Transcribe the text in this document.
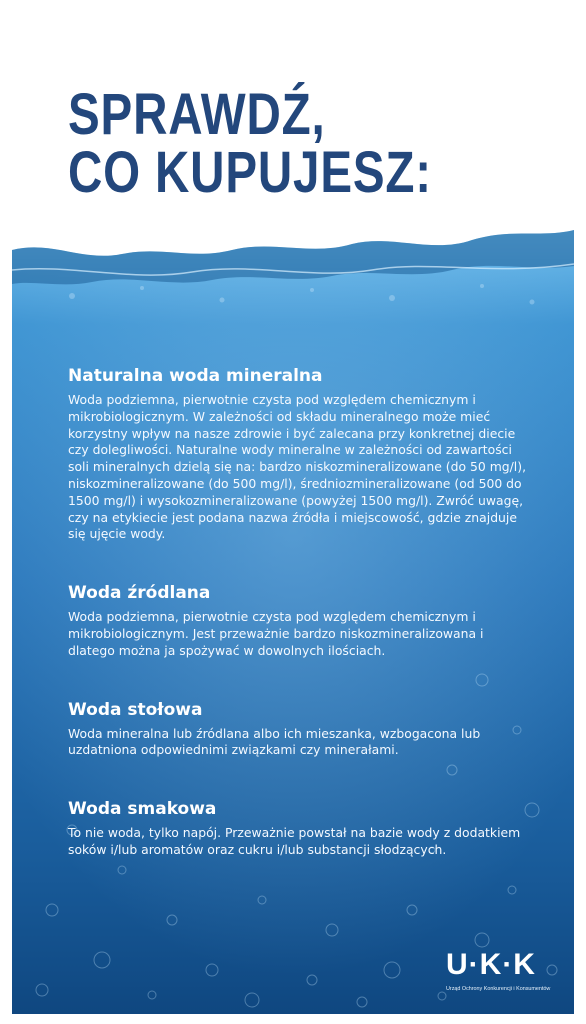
SPRAWDŹ,
CO KUPUJESZ:
Naturalna woda mineralna

Woda podziemna, pierwotnie czysta pod względem chemicznym i mikrobiologicznym. W zależności od składu mineralnego może mieć korzystny wpływ na nasze zdrowie i być zalecana przy konkretnej diecie czy dolegliwości. Naturalne wody mineralne w zależności od zawartości soli mineralnych dzielą się na: bardzo niskozmineralizowane (do 50 mg/l), niskozmineralizowane (do 500 mg/l), średniozmineralizowane (od 500 do 1500 mg/l) i wysokozmineralizowane (powyżej 1500 mg/l). Zwróć uwagę, czy na etykiecie jest podana nazwa źródła i miejscowość, gdzie znajduje się ujęcie wody.

Woda źródlana

Woda podziemna, pierwotnie czysta pod względem chemicznym i mikrobiologicznym. Jest przeważnie bardzo niskozmineralizowana i dlatego można ja spożywać w dowolnych ilościach.

Woda stołowa

Woda mineralna lub źródlana albo ich mieszanka, wzbogacona lub uzdatniona odpowiednimi związkami czy minerałami.

Woda smakowa

To nie woda, tylko napój. Przeważnie powstał na bazie wody z dodatkiem soków i/lub aromatów oraz cukru i/lub substancji słodzących.

U·K·K
Urząd Ochrony Konkurencji i Konsumentów
